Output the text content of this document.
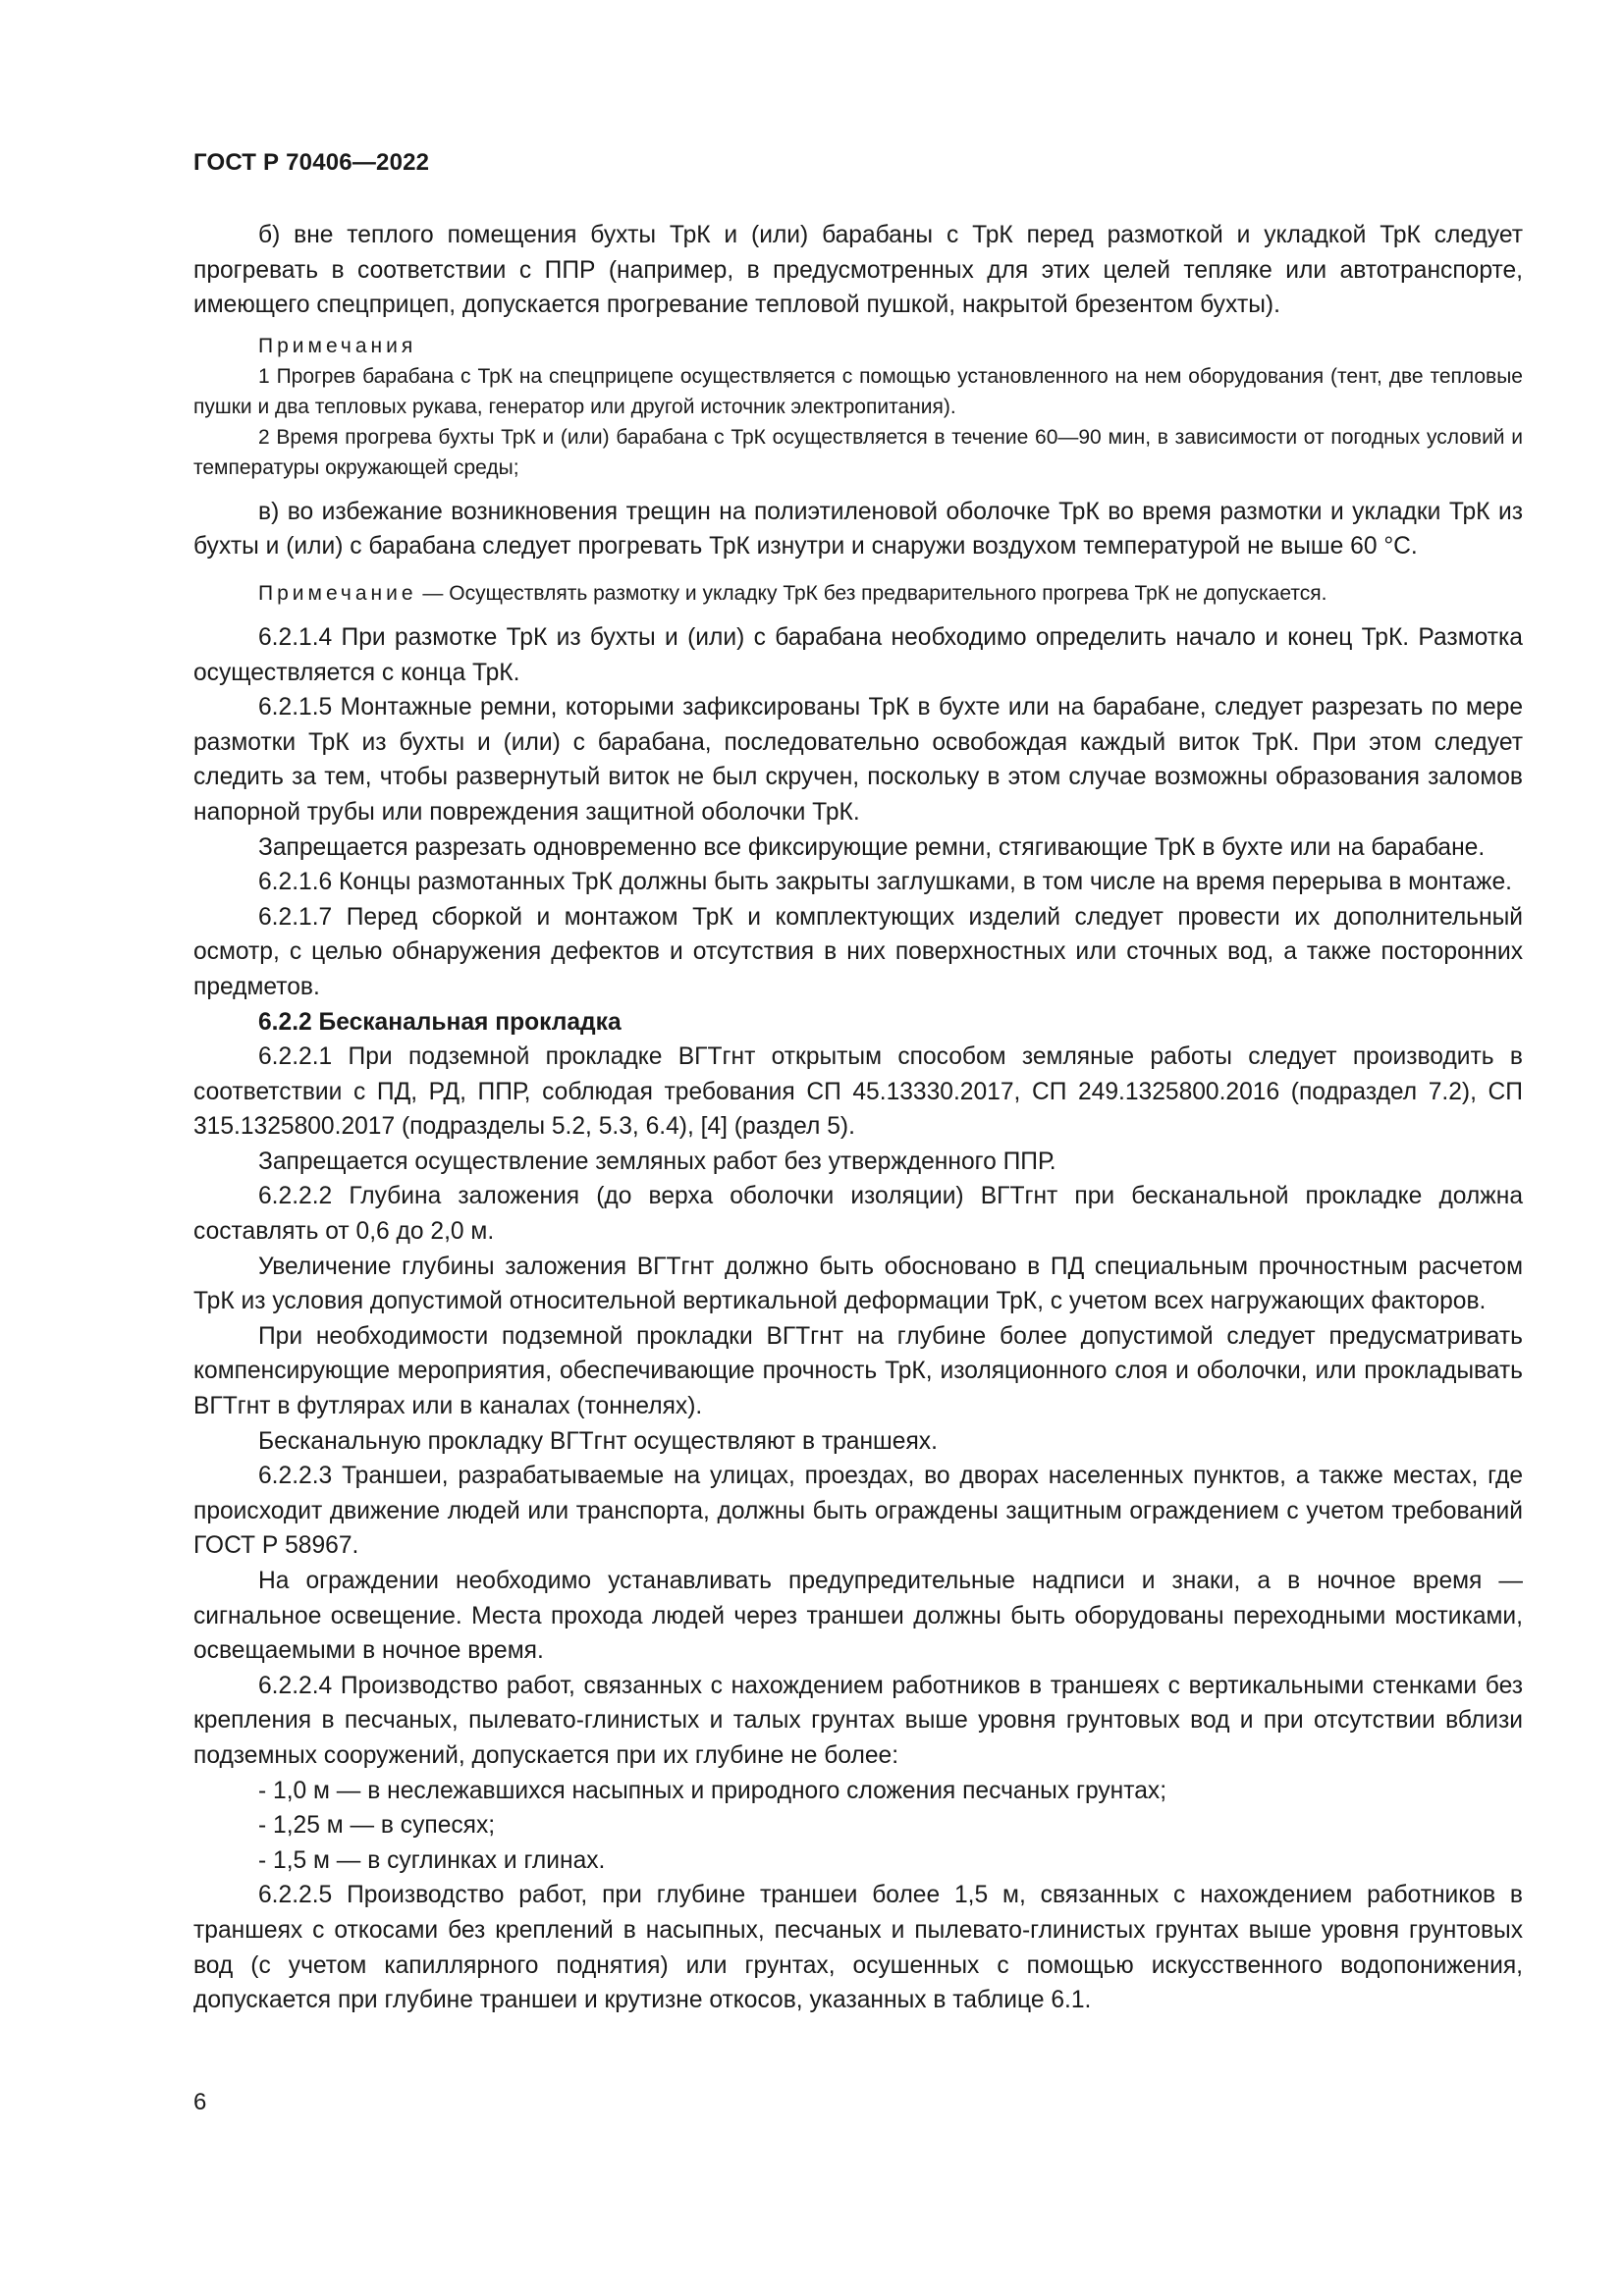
ГОСТ Р 70406—2022

б) вне теплого помещения бухты ТрК и (или) барабаны с ТрК перед размоткой и укладкой ТрК следует прогревать в соответствии с ППР (например, в предусмотренных для этих целей тепляке или автотранспорте, имеющего спецприцеп, допускается прогревание тепловой пушкой, накрытой брезентом бухты).

Примечания

1 Прогрев барабана с ТрК на спецприцепе осуществляется с помощью установленного на нем оборудования (тент, две тепловые пушки и два тепловых рукава, генератор или другой источник электропитания).

2 Время прогрева бухты ТрК и (или) барабана с ТрК осуществляется в течение 60—90 мин, в зависимости от погодных условий и температуры окружающей среды;

в) во избежание возникновения трещин на полиэтиленовой оболочке ТрК во время размотки и укладки ТрК из бухты и (или) с барабана следует прогревать ТрК изнутри и снаружи воздухом температурой не выше 60 °С.

Примечание — Осуществлять размотку и укладку ТрК без предварительного прогрева ТрК не допускается.

6.2.1.4 При размотке ТрК из бухты и (или) с барабана необходимо определить начало и конец ТрК. Размотка осуществляется с конца ТрК.

6.2.1.5 Монтажные ремни, которыми зафиксированы ТрК в бухте или на барабане, следует разрезать по мере размотки ТрК из бухты и (или) с барабана, последовательно освобождая каждый виток ТрК. При этом следует следить за тем, чтобы развернутый виток не был скручен, поскольку в этом случае возможны образования заломов напорной трубы или повреждения защитной оболочки ТрК.

Запрещается разрезать одновременно все фиксирующие ремни, стягивающие ТрК в бухте или на барабане.

6.2.1.6 Концы размотанных ТрК должны быть закрыты заглушками, в том числе на время перерыва в монтаже.

6.2.1.7 Перед сборкой и монтажом ТрК и комплектующих изделий следует провести их дополнительный осмотр, с целью обнаружения дефектов и отсутствия в них поверхностных или сточных вод, а также посторонних предметов.

6.2.2 Бесканальная прокладка

6.2.2.1 При подземной прокладке ВГТгнт открытым способом земляные работы следует производить в соответствии с ПД, РД, ППР, соблюдая требования СП 45.13330.2017, СП 249.1325800.2016 (подраздел 7.2), СП 315.1325800.2017 (подразделы 5.2, 5.3, 6.4), [4] (раздел 5).

Запрещается осуществление земляных работ без утвержденного ППР.

6.2.2.2 Глубина заложения (до верха оболочки изоляции) ВГТгнт при бесканальной прокладке должна составлять от 0,6 до 2,0 м.

Увеличение глубины заложения ВГТгнт должно быть обосновано в ПД специальным прочностным расчетом ТрК из условия допустимой относительной вертикальной деформации ТрК, с учетом всех нагружающих факторов.

При необходимости подземной прокладки ВГТгнт на глубине более допустимой следует предусматривать компенсирующие мероприятия, обеспечивающие прочность ТрК, изоляционного слоя и оболочки, или прокладывать ВГТгнт в футлярах или в каналах (тоннелях).

Бесканальную прокладку ВГТгнт осуществляют в траншеях.

6.2.2.3 Траншеи, разрабатываемые на улицах, проездах, во дворах населенных пунктов, а также местах, где происходит движение людей или транспорта, должны быть ограждены защитным ограждением с учетом требований ГОСТ Р 58967.

На ограждении необходимо устанавливать предупредительные надписи и знаки, а в ночное время — сигнальное освещение. Места прохода людей через траншеи должны быть оборудованы переходными мостиками, освещаемыми в ночное время.

6.2.2.4 Производство работ, связанных с нахождением работников в траншеях с вертикальными стенками без крепления в песчаных, пылевато-глинистых и талых грунтах выше уровня грунтовых вод и при отсутствии вблизи подземных сооружений, допускается при их глубине не более:

- 1,0 м — в неслежавшихся насыпных и природного сложения песчаных грунтах;

- 1,25 м — в супесях;

- 1,5 м — в суглинках и глинах.

6.2.2.5 Производство работ, при глубине траншеи более 1,5 м, связанных с нахождением работников в траншеях с откосами без креплений в насыпных, песчаных и пылевато-глинистых грунтах выше уровня грунтовых вод (с учетом капиллярного поднятия) или грунтах, осушенных с помощью искусственного водопонижения, допускается при глубине траншеи и крутизне откосов, указанных в таблице 6.1.

6
